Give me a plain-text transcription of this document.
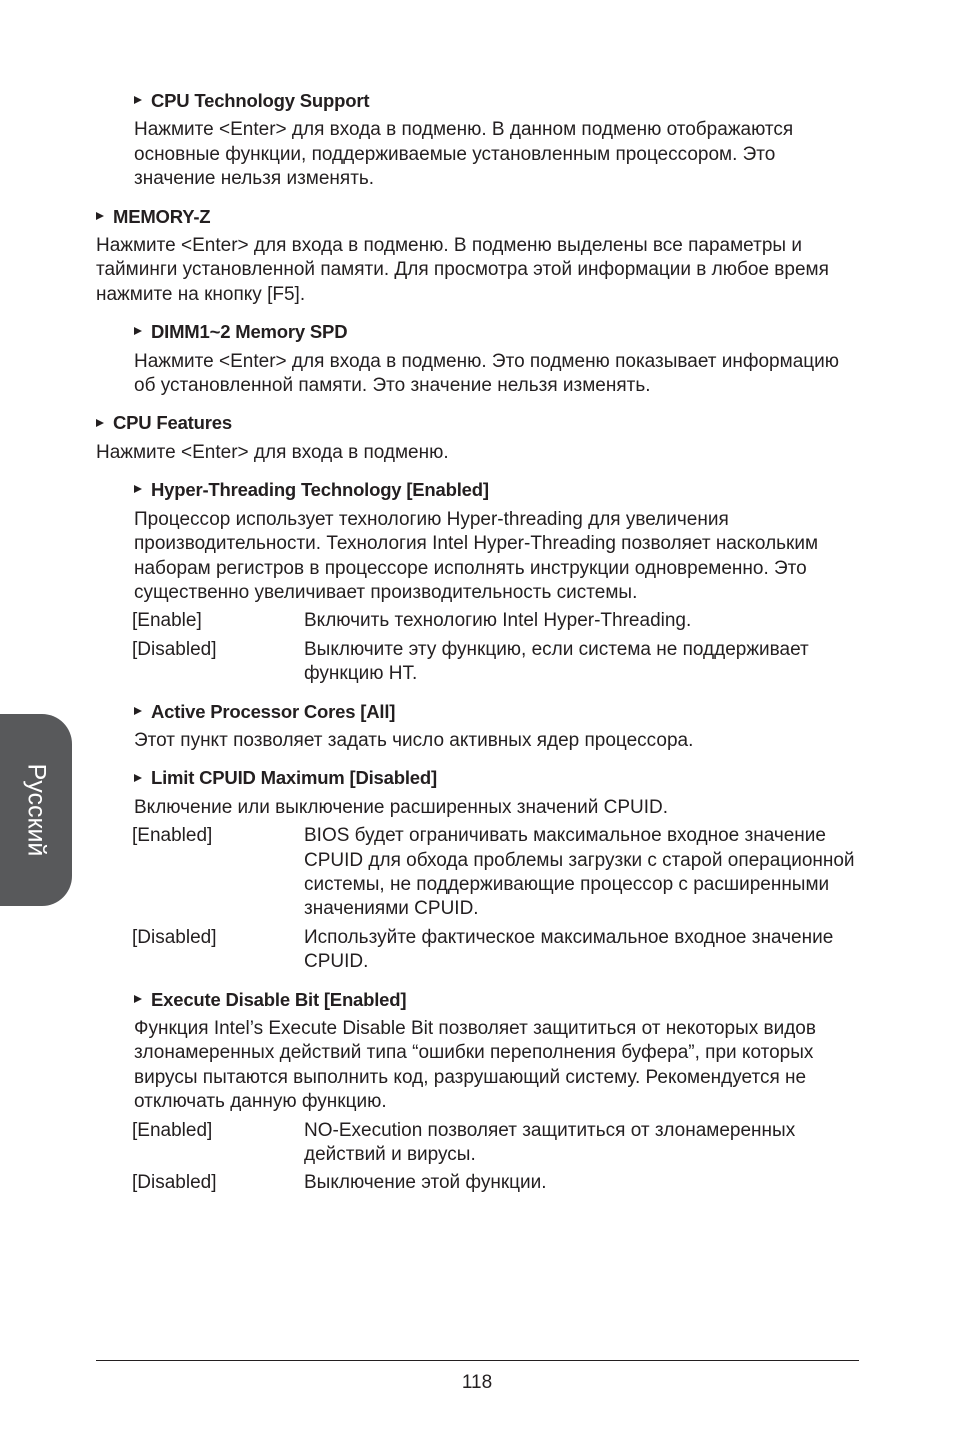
CPU Technology Support

Нажмите <Enter> для входа в подменю. В данном подменю отображаются основные функции, поддерживаемые установленным процессором. Это значение нельзя изменять.

MEMORY-Z

Нажмите <Enter> для входа в подменю. В подменю выделены все параметры и тайминги установленной памяти. Для просмотра этой информации в любое время нажмите на кнопку [F5].

DIMM1~2 Memory SPD

Нажмите <Enter> для входа в подменю. Это подменю показывает информацию об установленной памяти. Это значение нельзя изменять.

CPU Features

Нажмите <Enter> для входа в подменю.

Hyper-Threading Technology [Enabled]

Процессор использует технологию Hyper-threading для увеличения производительности. Технология Intel Hyper-Threading позволяет наскольким наборам регистров в процессоре исполнять инструкции одновременно. Это существенно увеличивает производительность системы.

[Enable]	Включить технологию Intel Hyper-Threading.
[Disabled]	Выключите эту функцию, если система не поддерживает функцию HT.
Active Processor Cores [All]

Этот пункт позволяет задать число активных ядер процессора.

Limit CPUID Maximum [Disabled]

Включение или выключение расширенных значений CPUID.

[Enabled]	BIOS будет ограничивать максимальное входное значение CPUID для обхода проблемы загрузки с старой операционной системы, не поддерживающие процессор с расширенными значениями CPUID.
[Disabled]	Используйте фактическое максимальное входное значение CPUID.
Execute Disable Bit [Enabled]

Функция Intel’s Execute Disable Bit позволяет защититься от некоторых видов злонамеренных действий типа “ошибки переполнения буфера”, при которых вирусы пытаются выполнить код, разрушающий систему. Рекомендуется не отключать данную функцию.

[Enabled]	NO-Execution позволяет защититься от злонамеренных действий и вирусы.
[Disabled]	Выключение этой функции.
Русский
118
